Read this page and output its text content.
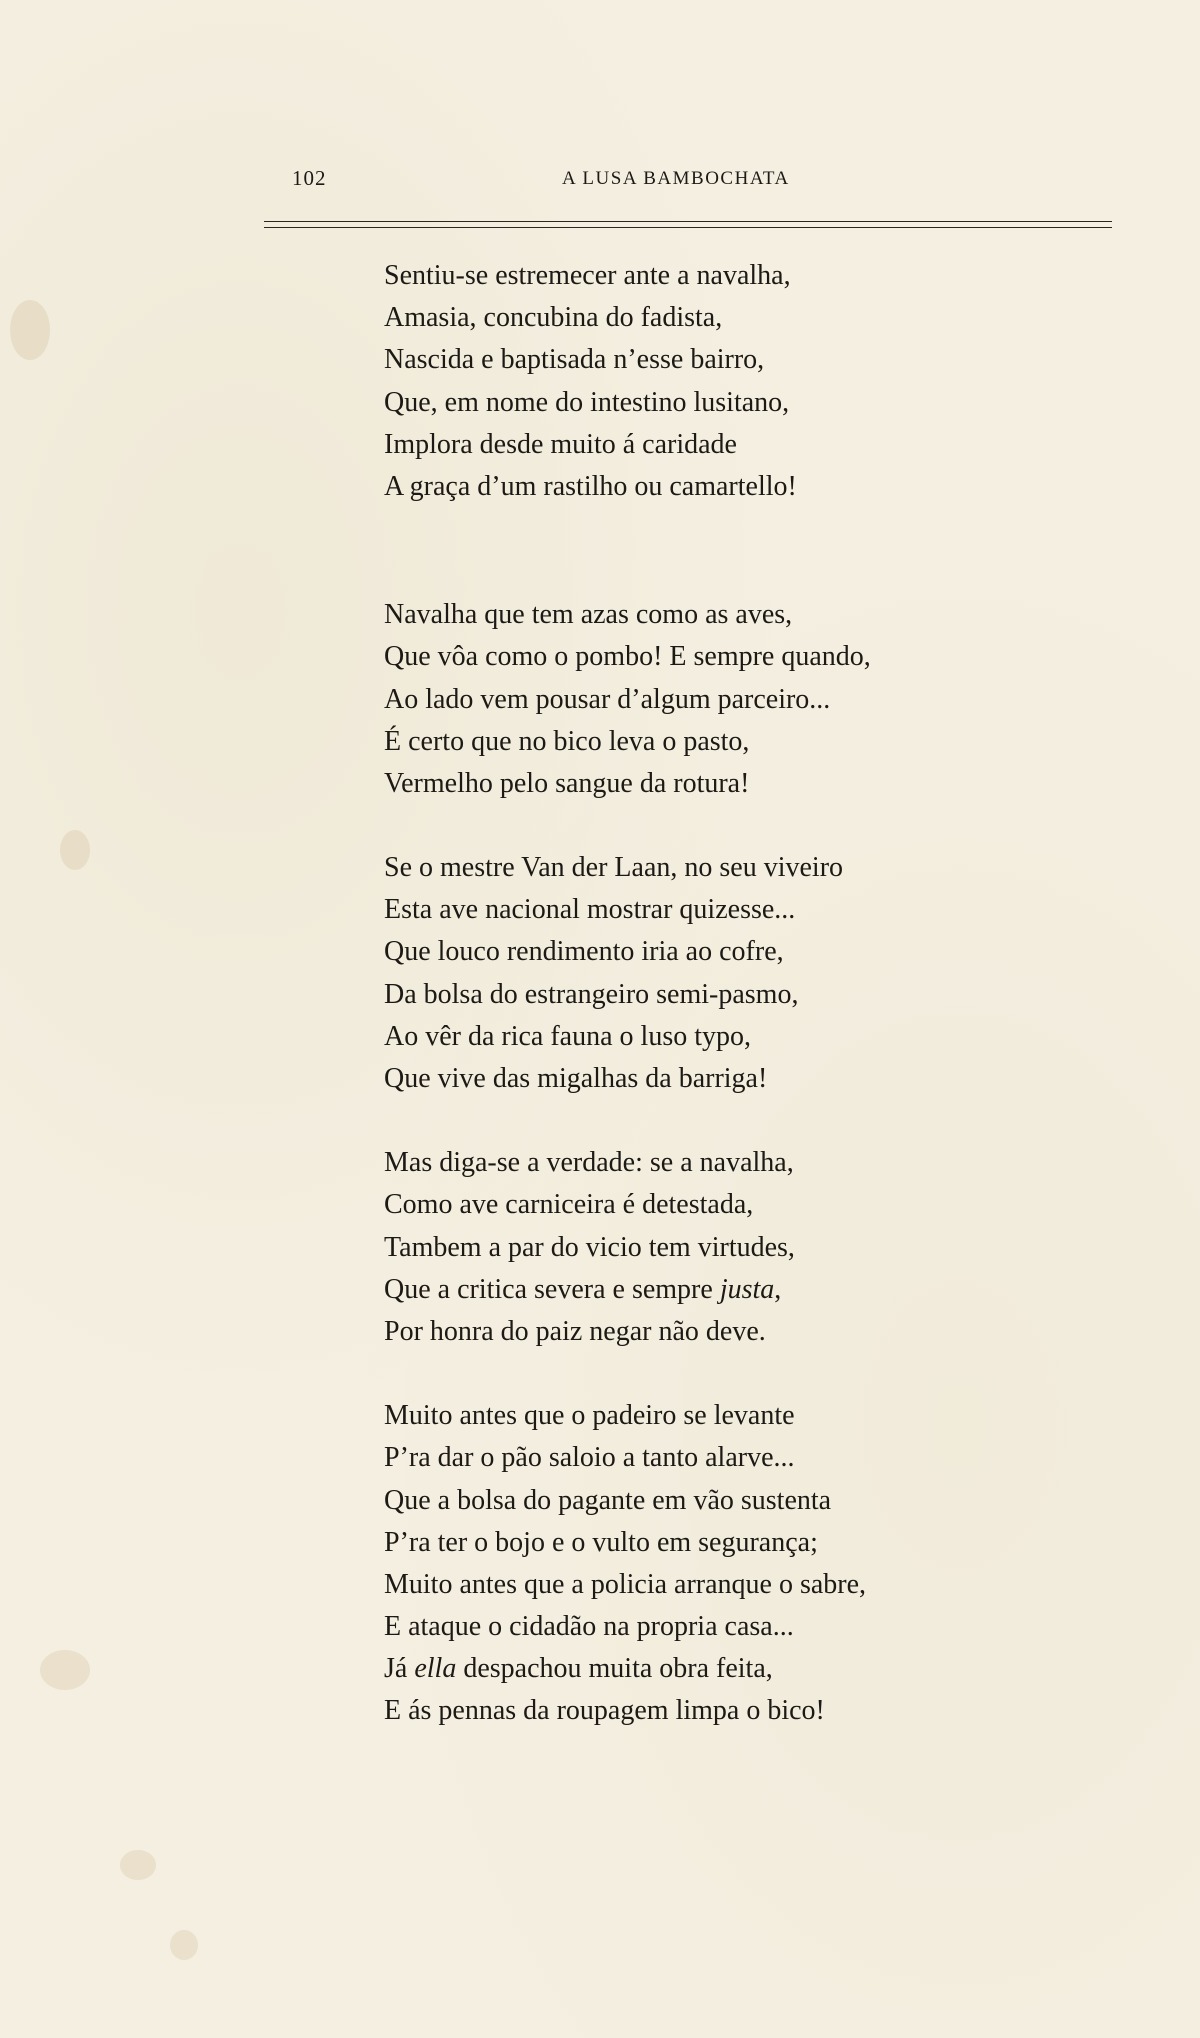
102	A LUSA BAMBOCHATA
Sentiu-se estremecer ante a navalha,
Amasia, concubina do fadista,
Nascida e baptisada n’esse bairro,
Que, em nome do intestino lusitano,
Implora desde muito á caridade
A graça d’um rastilho ou camartello!
Navalha que tem azas como as aves,
Que vôa como o pombo! E sempre quando,
Ao lado vem pousar d’algum parceiro...
É certo que no bico leva o pasto,
Vermelho pelo sangue da rotura!
Se o mestre Van der Laan, no seu viveiro
Esta ave nacional mostrar quizesse...
Que louco rendimento iria ao cofre,
Da bolsa do estrangeiro semi-pasmo,
Ao vêr da rica fauna o luso typo,
Que vive das migalhas da barriga!
Mas diga-se a verdade: se a navalha,
Como ave carniceira é detestada,
Tambem a par do vicio tem virtudes,
Que a critica severa e sempre justa,
Por honra do paiz negar não deve.
Muito antes que o padeiro se levante
P’ra dar o pão saloio a tanto alarve...
Que a bolsa do pagante em vão sustenta
P’ra ter o bojo e o vulto em segurança;
Muito antes que a policia arranque o sabre,
E ataque o cidadão na propria casa...
Já ella despachou muita obra feita,
E ás pennas da roupagem limpa o bico!
